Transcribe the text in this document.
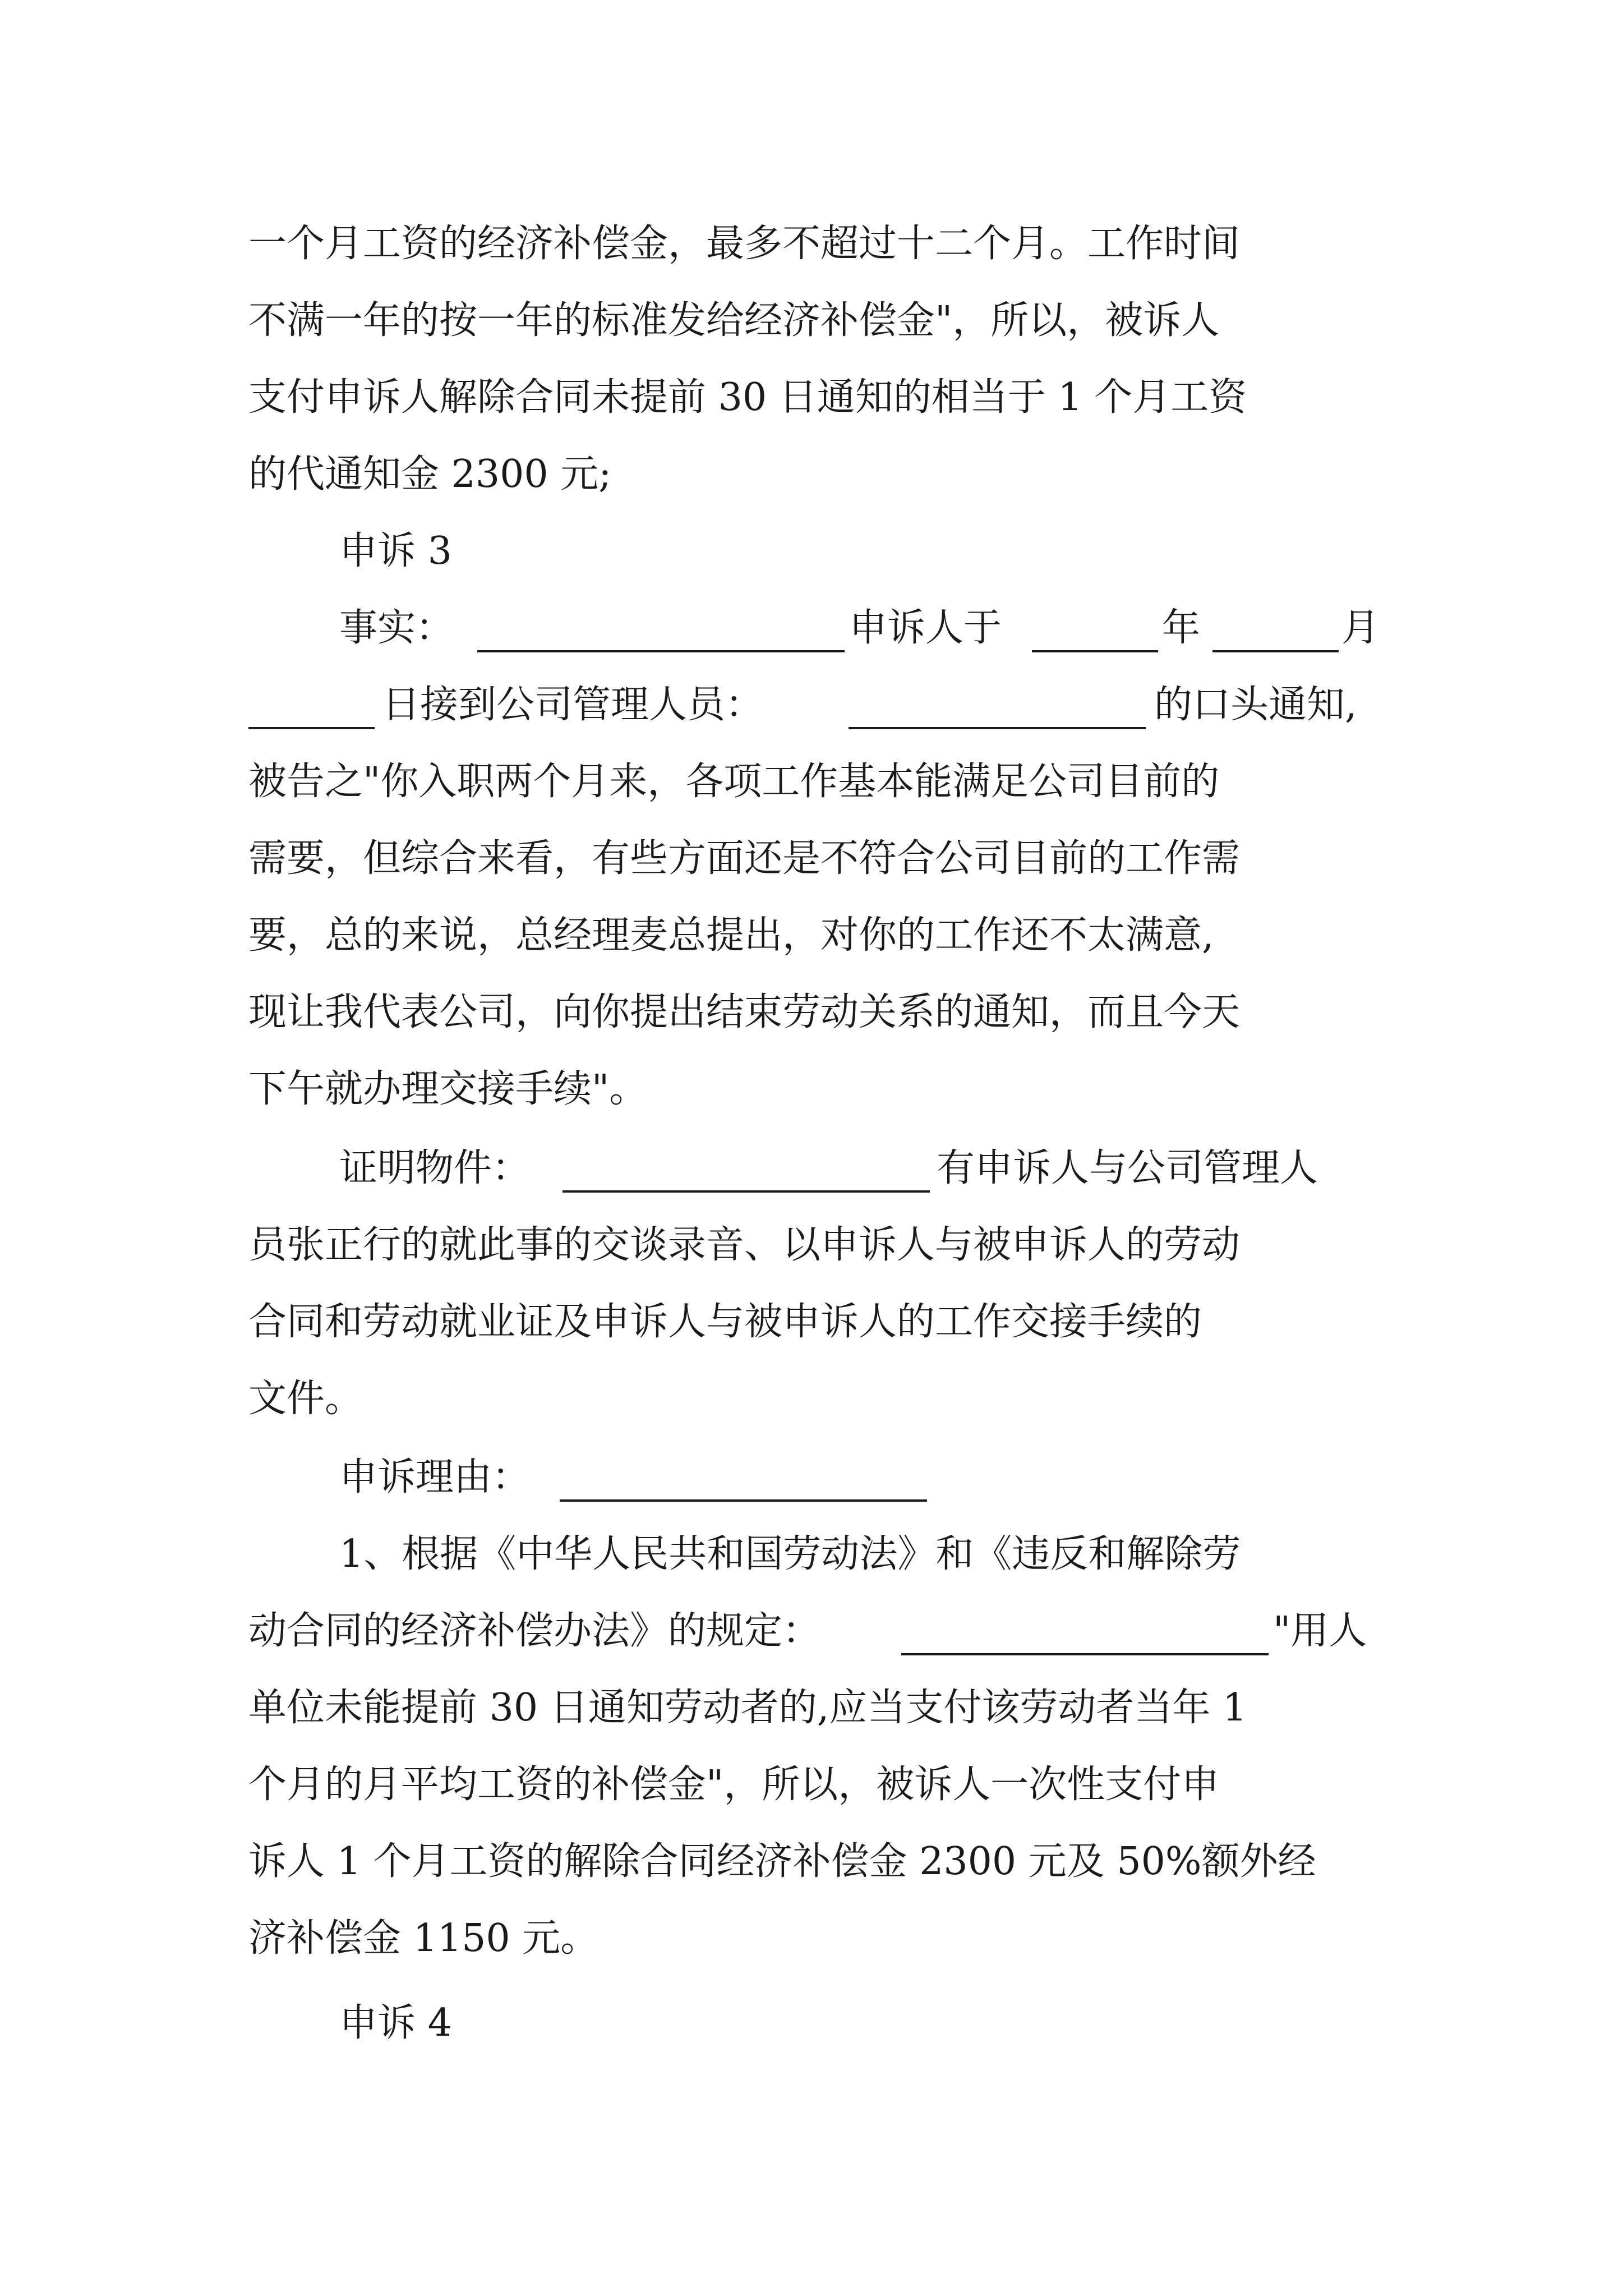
一个月工资的经济补偿金，最多不超过十二个月。工作时间
不满一年的按一年的标准发给经济补偿金"，所以，被诉人
支付申诉人解除合同未提前 30 日通知的相当于 1 个月工资
的代通知金 2300 元;
申诉 3
事实：	申诉人于	年	月
日接到公司管理人员：	的口头通知,
被告之"你入职两个月来，各项工作基本能满足公司目前的
需要，但综合来看，有些方面还是不符合公司目前的工作需
要，总的来说，总经理麦总提出，对你的工作还不太满意,
现让我代表公司，向你提出结束劳动关系的通知，而且今天
下午就办理交接手续"。
证明物件：	有申诉人与公司管理人
员张正行的就此事的交谈录音、以申诉人与被申诉人的劳动
合同和劳动就业证及申诉人与被申诉人的工作交接手续的
文件。
申诉理由：
1、根据《中华人民共和国劳动法》和《违反和解除劳
动合同的经济补偿办法》的规定：	"用人
单位未能提前 30 日通知劳动者的,应当支付该劳动者当年 1
个月的月平均工资的补偿金"，所以，被诉人一次性支付申
诉人 1 个月工资的解除合同经济补偿金 2300 元及 50%额外经
济补偿金 1150 元。
申诉 4
